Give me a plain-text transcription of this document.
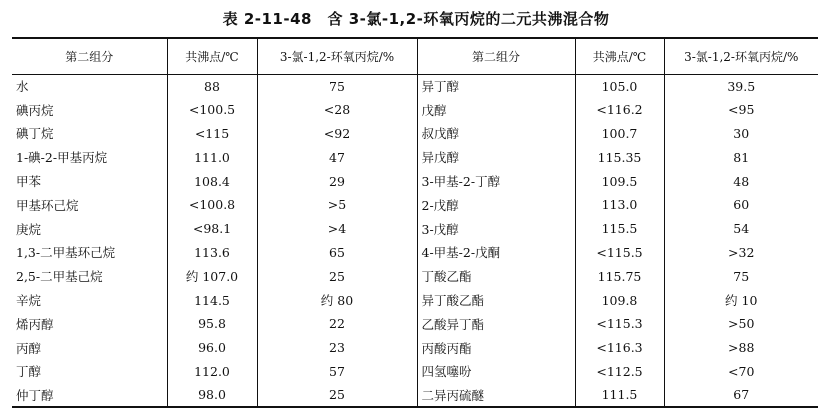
表 2-11-48　含 3-氯-1,2-环氧丙烷的二元共沸混合物
第二组分	共沸点/℃	3-氯-1,2-环氧丙烷/%	第二组分	共沸点/℃	3-氯-1,2-环氧丙烷/%
水	88	75	异丁醇	105.0	39.5
碘丙烷	<100.5	<28	戊醇	<116.2	<95
碘丁烷	<115	<92	叔戊醇	100.7	30
1-碘-2-甲基丙烷	111.0	47	异戊醇	115.35	81
甲苯	108.4	29	3-甲基-2-丁醇	109.5	48
甲基环己烷	<100.8	>5	2-戊醇	113.0	60
庚烷	<98.1	>4	3-戊醇	115.5	54
1,3-二甲基环己烷	113.6	65	4-甲基-2-戊酮	<115.5	>32
2,5-二甲基己烷	约 107.0	25	丁酸乙酯	115.75	75
辛烷	114.5	约 80	异丁酸乙酯	109.8	约 10
烯丙醇	95.8	22	乙酸异丁酯	<115.3	>50
丙醇	96.0	23	丙酸丙酯	<116.3	>88
丁醇	112.0	57	四氢噻吩	<112.5	<70
仲丁醇	98.0	25	二异丙硫醚	111.5	67
